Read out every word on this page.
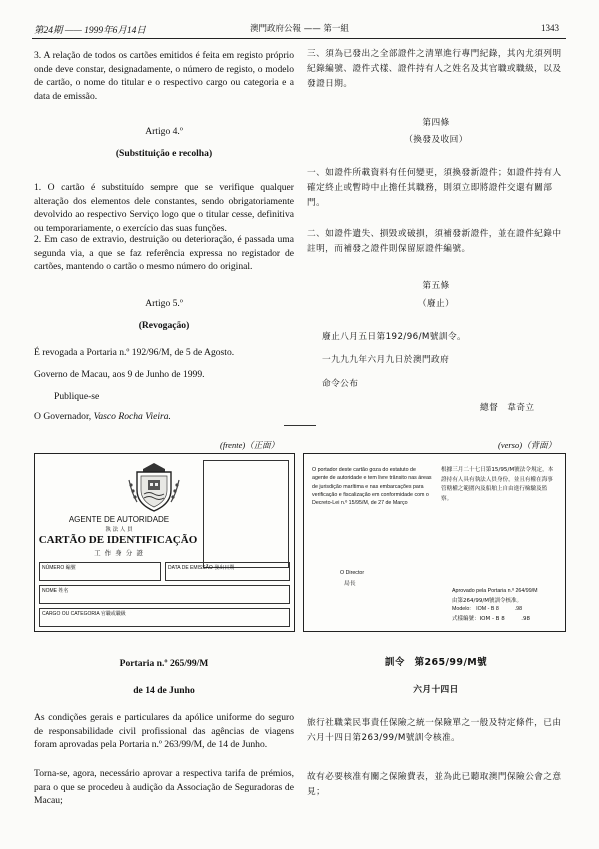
第24期 —— 1999年6月14日	澳門政府公報 —— 第一組	1343
3. A relação de todos os cartões emitidos é feita em registo próprio onde deve constar, designadamente, o número de registo, o modelo de cartão, o nome do titular e o respectivo cargo ou categoria e a data de emissão.
Artigo 4.º
(Substituição e recolha)
1. O cartão é substituído sempre que se verifique qualquer alteração dos elementos dele constantes, sendo obrigatoriamente devolvido ao respectivo Serviço logo que o titular cesse, definitiva ou temporariamente, o exercício das suas funções.
2. Em caso de extravio, destruição ou deterioração, é passada uma segunda via, a que se faz referência expressa no registador de cartões, mantendo o cartão o mesmo número do original.
Artigo 5.º
(Revogação)
É revogada a Portaria n.º 192/96/M, de 5 de Agosto.
Governo de Macau, aos 9 de Junho de 1999.
Publique-se
O Governador, Vasco Rocha Vieira.
三、須為已發出之全部證件之清單進行專門紀錄，其內尤須列明紀錄編號、證件式樣、證件持有人之姓名及其官職或職級，以及發證日期。
第四條
（換發及收回）
一、如證件所載資料有任何變更，須換發新證件；如證件持有人確定終止或暫時中止擔任其職務，則須立即將證件交還有關部門。
二、如證件遺失、損毀或破損，須補發新證件，並在證件紀錄中註明，而補發之證件則保留原證件編號。
第五條
（廢止）
廢止八月五日第192/96/M號訓令。
一九九九年六月九日於澳門政府
命令公布
總督　韋奇立
(frente)（正面）	(verso)（背面）
AGENTE DE AUTORIDADE
執 法 人 員
CARTÃO DE IDENTIFICAÇÃO
工 作 身 分 證
NÚMERO 編號	DATA DE EMISSÃO 發出日期
NOME 姓名
CARGO OU CATEGORIA 官職或職級
O portador deste cartão goza do estatuto de agente de autoridade e tem livre trânsito nas áreas de jurisdição marítima e nas embarcações para verificação e fiscalização em conformidade com o Decreto-Lei n.º 15/95/M, de 27 de Março
根據三月二十七日第15/95/M號法令規定，本證持有人具有執法人員身份，並且有權在海事管轄權之範圍內及船舶上自由進行檢驗及監察。
O Director
局長
Aprovado pela Portaria n.º 264/99/M
由第264/99/M號訓令核准。
Modelo:　IOM - B 8　　　.98
式樣編號：IOM - B 8　　　.98
Portaria n.º 265/99/M
de 14 de Junho
As condições gerais e particulares da apólice uniforme do seguro de responsabilidade civil profissional das agências de viagens foram aprovadas pela Portaria n.º 263/99/M, de 14 de Junho.
Torna-se, agora, necessário aprovar a respectiva tarifa de prémios, para o que se procedeu à audição da Associação de Seguradoras de Macau;
訓令　第265/99/M號
六月十四日
旅行社職業民事責任保險之統一保險單之一般及特定條件，已由六月十四日第263/99/M號訓令核准。
故有必要核准有關之保險費表，並為此已聽取澳門保險公會之意見；
